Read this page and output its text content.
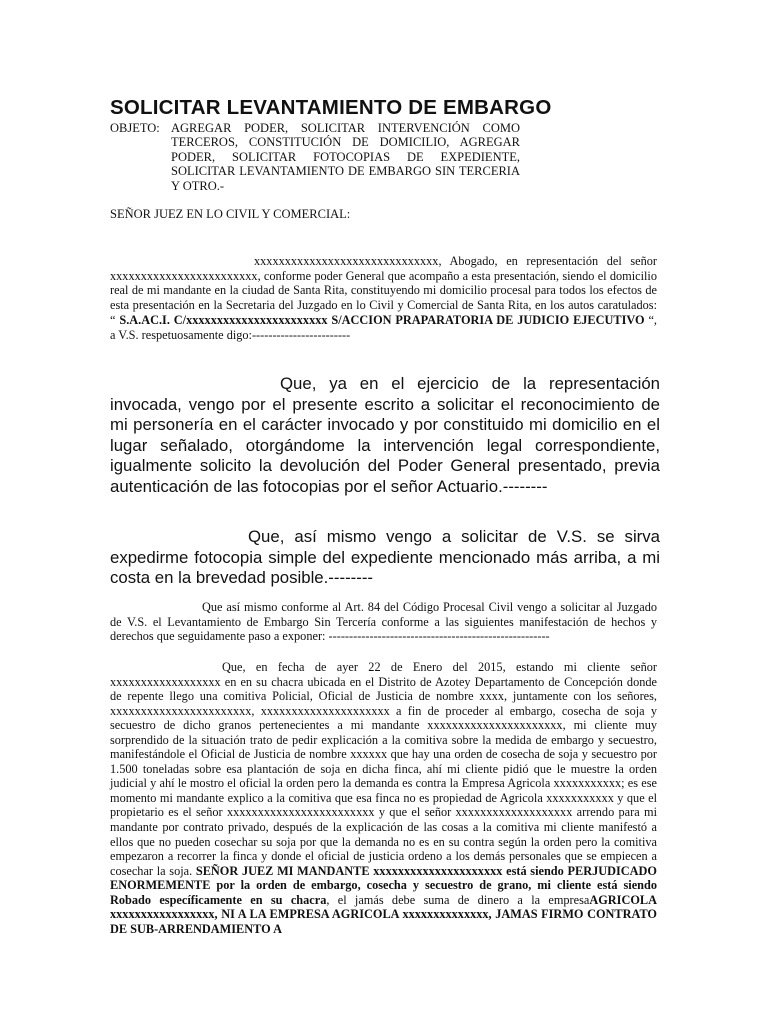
SOLICITAR LEVANTAMIENTO DE EMBARGO
OBJETO: AGREGAR PODER, SOLICITAR INTERVENCIÓN COMO TERCEROS, CONSTITUCIÓN DE DOMICILIO, AGREGAR PODER, SOLICITAR FOTOCOPIAS DE EXPEDIENTE, SOLICITAR LEVANTAMIENTO DE EMBARGO SIN TERCERIA Y OTRO.-
SEÑOR JUEZ EN LO CIVIL Y COMERCIAL:
xxxxxxxxxxxxxxxxxxxxxxxxxxxxxx, Abogado, en representación del señor xxxxxxxxxxxxxxxxxxxxxxxx, conforme poder General que acompaño a esta presentación, siendo el domicilio real de mi mandante en la ciudad de Santa Rita, constituyendo mi domicilio procesal para todos los efectos de esta presentación en la Secretaria del Juzgado en lo Civil y Comercial de Santa Rita, en los autos caratulados: “ S.A.AC.I. C/xxxxxxxxxxxxxxxxxxxxxxx S/ACCION PRAPARATORIA DE JUDICIO EJECUTIVO “, a V.S. respetuosamente digo:------------------------
Que, ya en el ejercicio de la representación invocada, vengo por el presente escrito a solicitar el reconocimiento de mi personería en el carácter invocado y por constituido mi domicilio en el lugar señalado, otorgándome la intervención legal correspondiente, igualmente solicito la devolución del Poder General presentado, previa autenticación de las fotocopias por el señor Actuario.--------
Que, así mismo vengo a solicitar de V.S. se sirva expedirme fotocopia simple del expediente mencionado más arriba, a mi costa en la brevedad posible.--------
Que así mismo conforme al Art. 84 del Código Procesal Civil vengo a solicitar al Juzgado de V.S. el Levantamiento de Embargo Sin Tercería conforme a las siguientes manifestación de hechos y derechos que seguidamente paso a exponer: ------------------------------------------------------
Que, en fecha de ayer 22 de Enero del 2015, estando mi cliente señor xxxxxxxxxxxxxxxxxx en en su chacra ubicada en el Distrito de Azotey Departamento de Concepción donde de repente llego una comitiva Policial, Oficial de Justicia de nombre xxxx, juntamente con los señores, xxxxxxxxxxxxxxxxxxxxxxx, xxxxxxxxxxxxxxxxxxxxx a fin de proceder al embargo, cosecha de soja y secuestro de dicho granos pertenecientes a mi mandante xxxxxxxxxxxxxxxxxxxxxx, mi cliente muy sorprendido de la situación trato de pedir explicación a la comitiva sobre la medida de embargo y secuestro, manifestándole el Oficial de Justicia de nombre xxxxxx que hay una orden de cosecha de soja y secuestro por 1.500 toneladas sobre esa plantación de soja en dicha finca, ahí mi cliente pidió que le muestre la orden judicial y ahí le mostro el oficial la orden pero la demanda es contra la Empresa Agricola xxxxxxxxxxx; es ese momento mi mandante explico a la comitiva que esa finca no es propiedad de Agricola xxxxxxxxxxx y que el propietario es el señor xxxxxxxxxxxxxxxxxxxxxxxx y que el señor xxxxxxxxxxxxxxxxxxx arrendo para mi mandante por contrato privado, después de la explicación de las cosas a la comitiva mi cliente manifestó a ellos que no pueden cosechar su soja por que la demanda no es en su contra según la orden pero la comitiva empezaron a recorrer la finca y donde el oficial de justicia ordeno a los demás personales que se empiecen a cosechar la soja. SEÑOR JUEZ MI MANDANTE xxxxxxxxxxxxxxxxxxxxx está siendo PERJUDICADO ENORMEMENTE por la orden de embargo, cosecha y secuestro de grano, mi cliente está siendo Robado específicamente en su chacra, el jamás debe suma de dinero a la empresaAGRICOLA xxxxxxxxxxxxxxxxx, NI A LA EMPRESA AGRICOLA xxxxxxxxxxxxxx, JAMAS FIRMO CONTRATO DE SUB-ARRENDAMIENTO A
